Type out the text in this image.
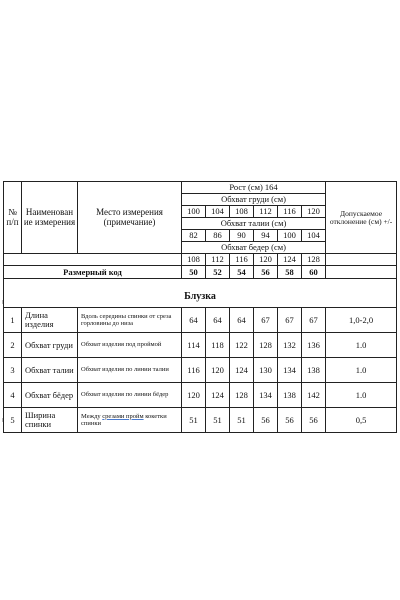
№ п/п	Наименован ие измерения	Место измерения (примечание)	Рост (см) 164						Допускаемое отклонение (см) +/-
			Обхват груди (см)						
			100	104	108	112	116	120	
			Обхват талии (см)						
			82	86	90	94	100	104	
			Обхват бедер (см)						
			108	112	116	120	124	128	
Размерный код			50	52	54	56	58	60	

Блузка									
1	Длина изделия	Вдоль середины спинки от среза горловины до низа	64	64	64	67	67	67	1,0-2,0
2	Обхват груди	Обхват изделия под проймой	114	118	122	128	132	136	1.0
3	Обхват талии	Обхват изделия по линии талии	116	120	124	130	134	138	1.0
4	Обхват бёдер	Обхват изделия по линии бёдер	120	124	128	134	138	142	1.0
5	Ширина спинки	Между срезами пройм кокетки спинки	51	51	51	56	56	56	0,5
